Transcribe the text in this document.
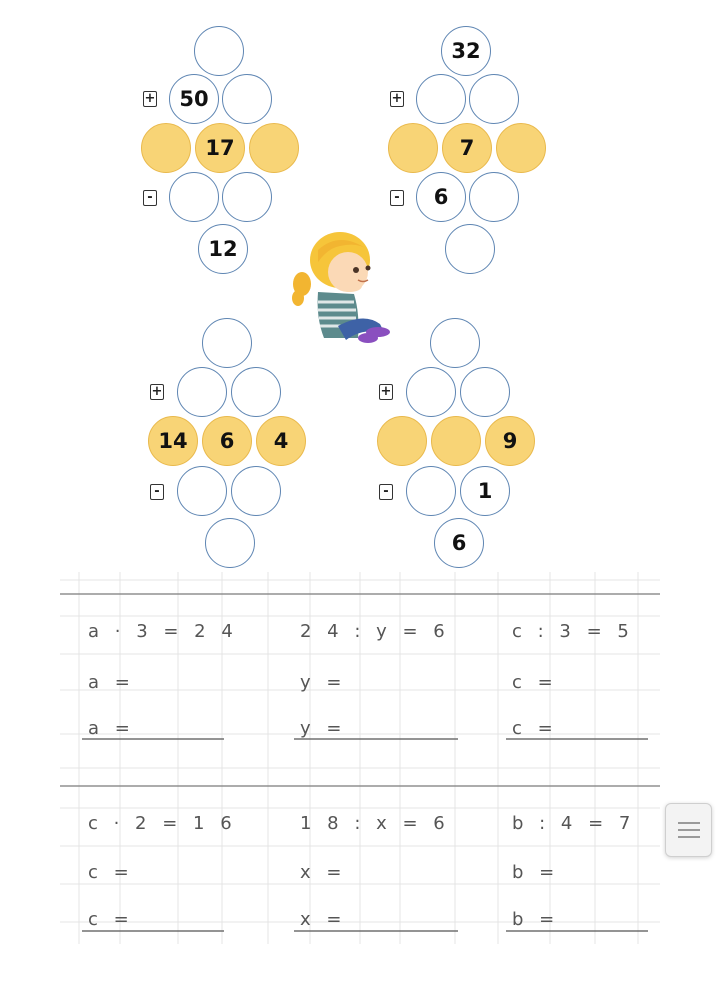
+	50
17
-
12
32
+
7
-	6
+
14	6	4
-
+
9
-	1
6
a · 3 = 2 4
a =
a =
2 4 : y = 6
y =
y =
c : 3 = 5
c =
c =
c · 2 = 1 6
c =
c =
1 8 : x = 6
x =
x =
b : 4 = 7
b =
b =
